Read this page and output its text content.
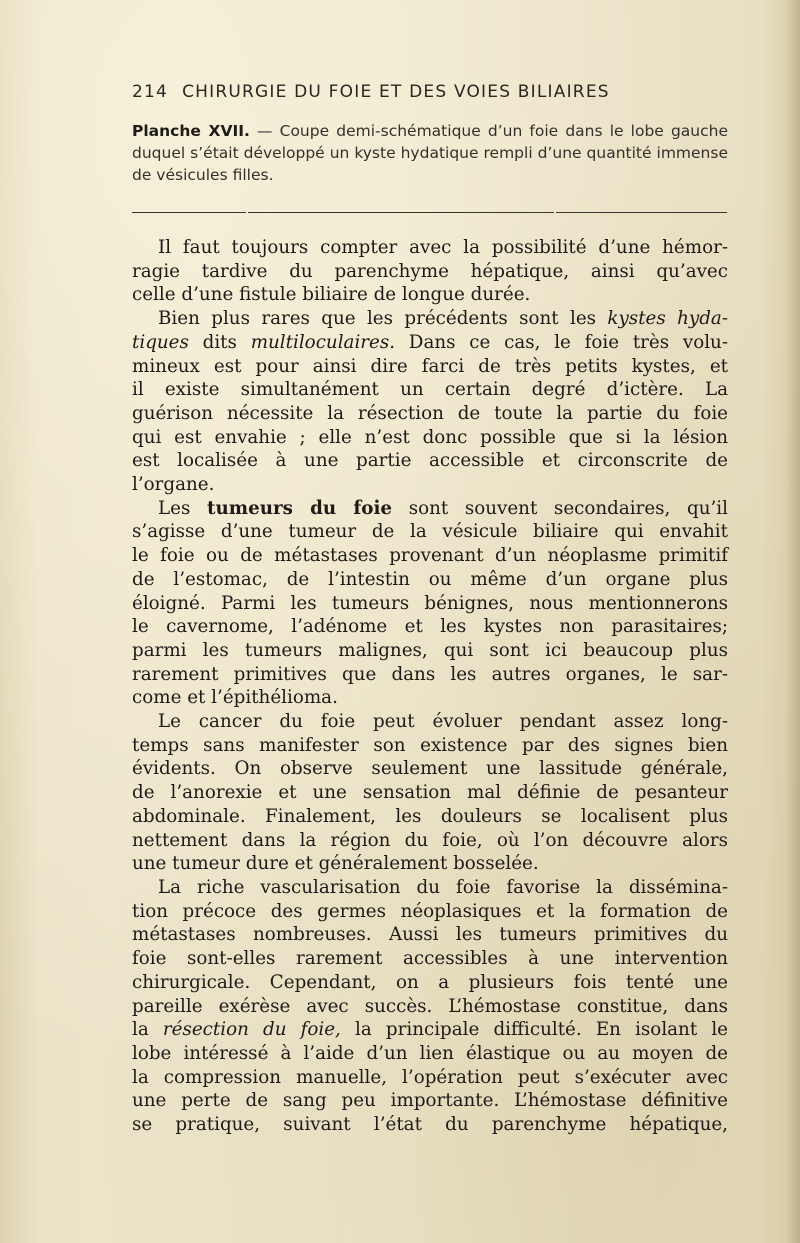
214 CHIRURGIE DU FOIE ET DES VOIES BILIAIRES
Planche XVII. — Coupe demi-schématique d’un foie dans le lobe gauche duquel s’était développé un kyste hydatique rempli d’une quantité immense de vésicules filles.
Il faut toujours compter avec la possibilité d’une hémor-
ragie tardive du parenchyme hépatique, ainsi qu’avec
celle d’une fistule biliaire de longue durée.
Bien plus rares que les précédents sont les kystes hyda-
tiques dits multiloculaires. Dans ce cas, le foie très volu-
mineux est pour ainsi dire farci de très petits kystes, et
il existe simultanément un certain degré d’ictère. La
guérison nécessite la résection de toute la partie du foie
qui est envahie ; elle n’est donc possible que si la lésion
est localisée à une partie accessible et circonscrite de
l’organe.
Les tumeurs du foie sont souvent secondaires, qu’il
s’agisse d’une tumeur de la vésicule biliaire qui envahit
le foie ou de métastases provenant d’un néoplasme primitif
de l’estomac, de l’intestin ou même d’un organe plus
éloigné. Parmi les tumeurs bénignes, nous mentionnerons
le cavernome, l’adénome et les kystes non parasitaires;
parmi les tumeurs malignes, qui sont ici beaucoup plus
rarement primitives que dans les autres organes, le sar-
come et l’épithélioma.
Le cancer du foie peut évoluer pendant assez long-
temps sans manifester son existence par des signes bien
évidents. On observe seulement une lassitude générale,
de l’anorexie et une sensation mal définie de pesanteur
abdominale. Finalement, les douleurs se localisent plus
nettement dans la région du foie, où l’on découvre alors
une tumeur dure et généralement bosselée.
La riche vascularisation du foie favorise la dissémina-
tion précoce des germes néoplasiques et la formation de
métastases nombreuses. Aussi les tumeurs primitives du
foie sont-elles rarement accessibles à une intervention
chirurgicale. Cependant, on a plusieurs fois tenté une
pareille exérèse avec succès. L’hémostase constitue, dans
la résection du foie, la principale difficulté. En isolant le
lobe intéressé à l’aide d’un lien élastique ou au moyen de
la compression manuelle, l’opération peut s’exécuter avec
une perte de sang peu importante. L’hémostase définitive
se pratique, suivant l’état du parenchyme hépatique,
